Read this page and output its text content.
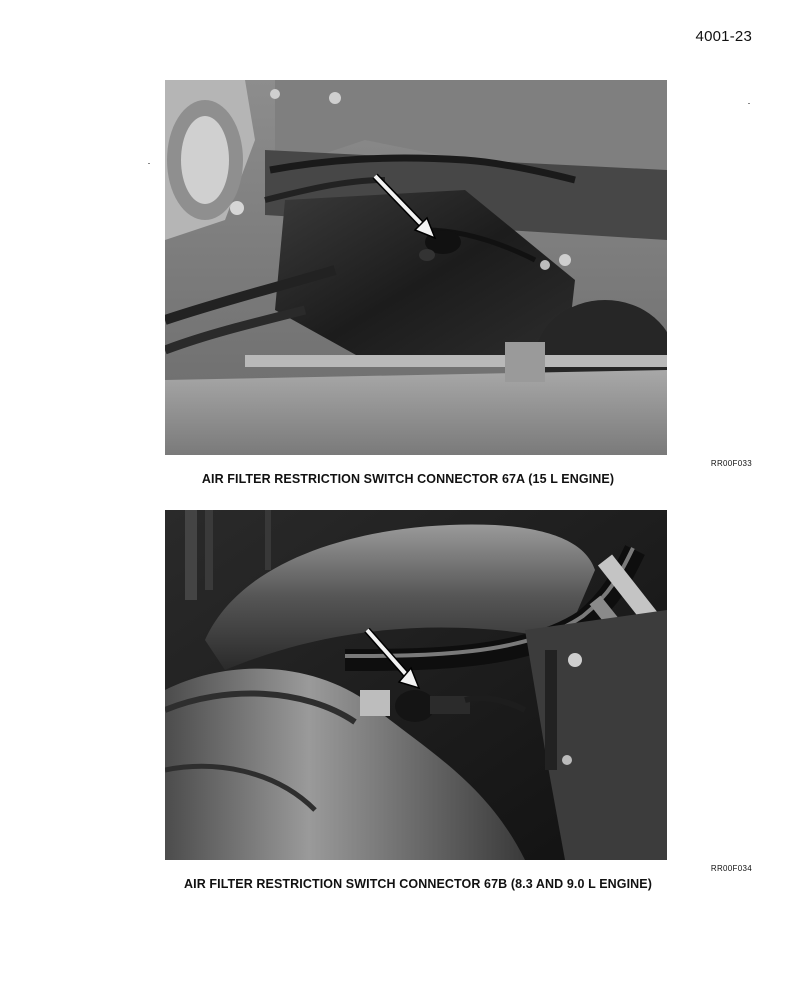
4001-23
RR00F033
AIR FILTER RESTRICTION SWITCH CONNECTOR 67A (15 L ENGINE)
RR00F034
AIR FILTER RESTRICTION SWITCH CONNECTOR 67B (8.3 AND 9.0 L ENGINE)
